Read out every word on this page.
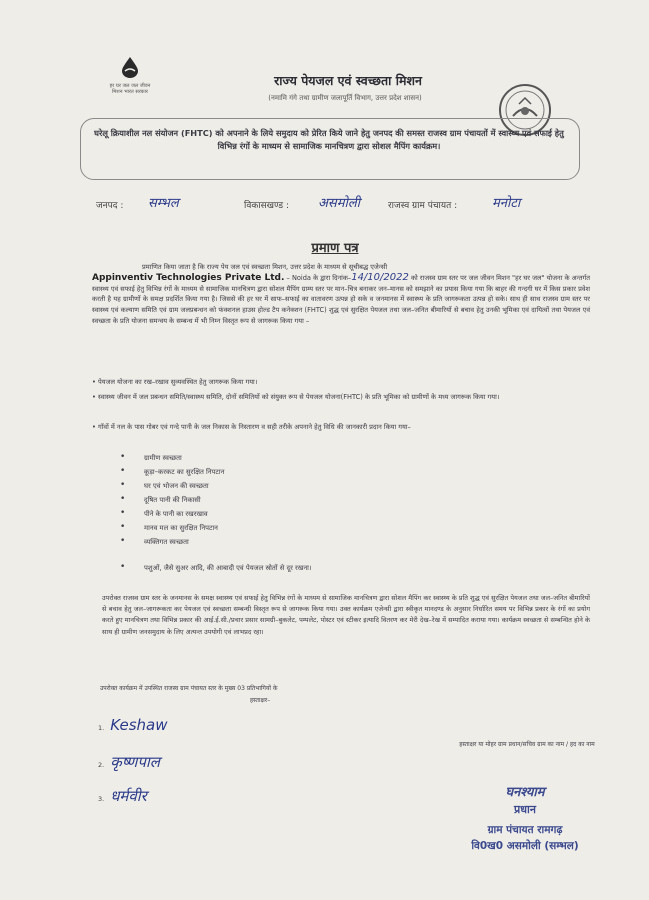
हर घर जल जल जीवन मिशन भारत सरकार
राज्य पेयजल एवं स्वच्छता मिशन
(नमामि गंगे तथा ग्रामीण जलापूर्ति विभाग, उत्तर प्रदेश शासन)
घरेलू क्रियाशील नल संयोजन (FHTC) को अपनाने के लिये समुदाय को प्रेरित किये जाने हेतु जनपद की समस्त राजस्व ग्राम पंचायतों में स्वास्थ्य एवं सफाई हेतु विभिन्न रंगों के माध्यम से सामाजिक मानचित्रण द्वारा सोशल मैपिंग कार्यक्रम।
जनपद : सम्भल	विकासखण्ड : असमोली	राजस्व ग्राम पंचायत :	मनोटा
प्रमाण पत्र
प्रमाणित किया जाता है कि राज्य पेय जल एवं स्वच्छता मिशन, उत्तर प्रदेश के माध्यम से सूचीबद्ध एजेन्सी
Appinventiv Technologies Private Ltd. – Noida के द्वारा दिनांक–14/10/2022 को राजस्व ग्राम स्तर पर जल जीवन मिशन "हर घर जल" योजना के अन्तर्गत स्वास्थ्य एवं सफाई हेतु विभिन्न रंगों के माध्यम से सामाजिक मानचित्रण द्वारा सोशल मैपिंग ग्राम्य स्तर पर मान–चित्र बनाकर जन–मानस को समझाने का प्रयास किया गया कि बाहर की गन्दगी घर में किस प्रकार प्रवेश करती है यह ग्रामीणों के समक्ष प्रदर्शित किया गया है। जिससे की हर घर में साफ–सफाई का वातावरण उत्पन्न हो सके व जनमानस में स्वास्थ्य के प्रति जागरूकता उत्पन्न हो सके। साथ ही साथ राजस्व ग्राम स्तर पर स्वास्थ्य एवं कल्याण समिति एवं ग्राम जलप्रबन्धन को फंक्शनल हाउस होल्ड टैप कनेक्शन (FHTC) शुद्ध एवं सुरक्षित पेयजल तथा जल–जनित बीमारियों से बचाव हेतु उनकी भूमिका एवं दायित्वों तथा पेयजल एवं स्वच्छता के प्रति योजना समन्वय के सम्बन्ध में भी निम्न विस्तृत रूप से जागरूक किया गया –
• पेयजल योजना का रख–रखाव सुव्यवस्थित हेतु जागरूक किया गया।
• स्वास्थ्य जीवन में जल प्रबन्धन समिति/स्वास्थ्य समिति, दोनों समितियों को संयुक्त रूप से पेयजल योजना(FHTC) के प्रति भूमिका को ग्रामीणों के मध्य जागरूक किया गया।
• गाँवों में नल के पास गोबर एवं गन्दे पानी के जल निकास के निस्तारण व सही तरीके अपनाने हेतु विधि की जानकारी प्रदान किया गया–
• ग्रामीण स्वच्छता
• कूड़ा–करकट का सुरक्षित निपटान
• घर एवं भोजन की स्वच्छता
• दूषित पानी की निकासी
• पीने के पानी का रखरखाव
• मानव मल का सुरक्षित निपटान
• व्यक्तिगत स्वच्छता
• पशुओं, जैसे सुअर आदि, की आबादी एवं पेयजल स्रोतों से दूर रखना।
उपरोक्त राजस्व ग्राम स्तर के जनमानस के समक्ष स्वास्थ्य एवं सफाई हेतु विभिन्न रंगों के माध्यम से सामाजिक मानचित्रण द्वारा सोशल मैपिंग कर स्वास्थ्य के प्रति शुद्ध एवं सुरक्षित पेयजल तथा जल–जनित बीमारियों से बचाव हेतु जल–जागरूकता कर पेयजल एवं स्वच्छता सम्बन्धी विस्तृत रूप से जागरूक किया गया। उक्त कार्यक्रम एजेन्सी द्वारा स्वीकृत मानदण्ड के अनुसार निर्धारित समय पर विभिन्न प्रकार के रंगों का प्रयोग करते हुए मानचित्रण तथा विभिन्न प्रकार की आई.ई.सी./प्रचार प्रसार सामग्री–बुकलेट, पम्पलेट, पोस्टर एवं स्टीकर इत्यादि वितरण कर मेरी देख–रेख में सम्पादित कराया गया। कार्यक्रम स्वच्छता से सम्बन्धित होने के साथ ही ग्रामीण जनसमुदाय के लिए अत्यन्त उपयोगी एवं लाभप्रद रहा।
उपरोक्त कार्यक्रम में उपस्थित राजस्व ग्राम पंचायत स्तर के मुख्य 03 प्रतिभागियों के
हस्ताक्षर–
1. Keshaw
2. कृष्णपाल
3. धर्मवीर
हस्ताक्षर या मोहर ग्राम प्रधान/सचिव ग्राम का नाम / हद का नाम
घनश्याम
प्रधान
ग्राम पंचायत रामगढ़
वि0ख0 असमोली (सम्भल)
